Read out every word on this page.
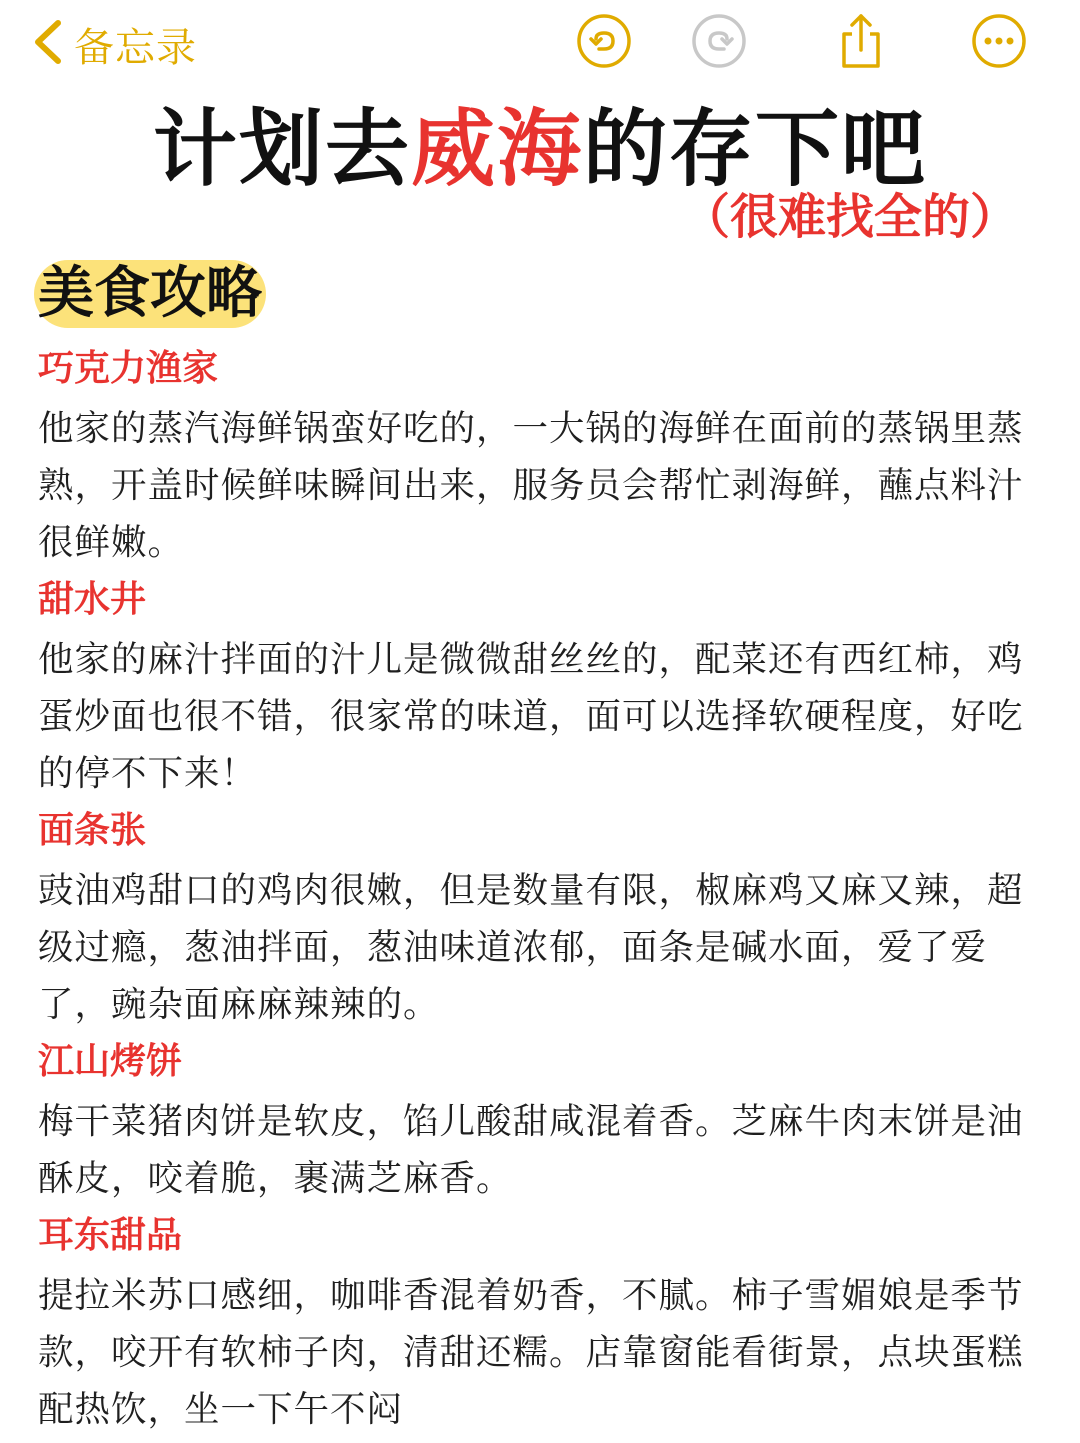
备忘录
计划去威海的存下吧
（很难找全的）
美食攻略
巧克力渔家
他家的蒸汽海鲜锅蛮好吃的，一大锅的海鲜在面前的蒸锅里蒸
熟，开盖时候鲜味瞬间出来，服务员会帮忙剥海鲜，蘸点料汁
很鲜嫩。
甜水井
他家的麻汁拌面的汁儿是微微甜丝丝的，配菜还有西红柿，鸡
蛋炒面也很不错，很家常的味道，面可以选择软硬程度，好吃
的停不下来！
面条张
豉油鸡甜口的鸡肉很嫩，但是数量有限，椒麻鸡又麻又辣，超
级过瘾，葱油拌面，葱油味道浓郁，面条是碱水面，爱了爱
了，豌杂面麻麻辣辣的。
江山烤饼
梅干菜猪肉饼是软皮，馅儿酸甜咸混着香。芝麻牛肉末饼是油
酥皮，咬着脆，裹满芝麻香。
耳东甜品
提拉米苏口感细，咖啡香混着奶香，不腻。柿子雪媚娘是季节
款，咬开有软柿子肉，清甜还糯。店靠窗能看街景，点块蛋糕
配热饮，坐一下午不闷
